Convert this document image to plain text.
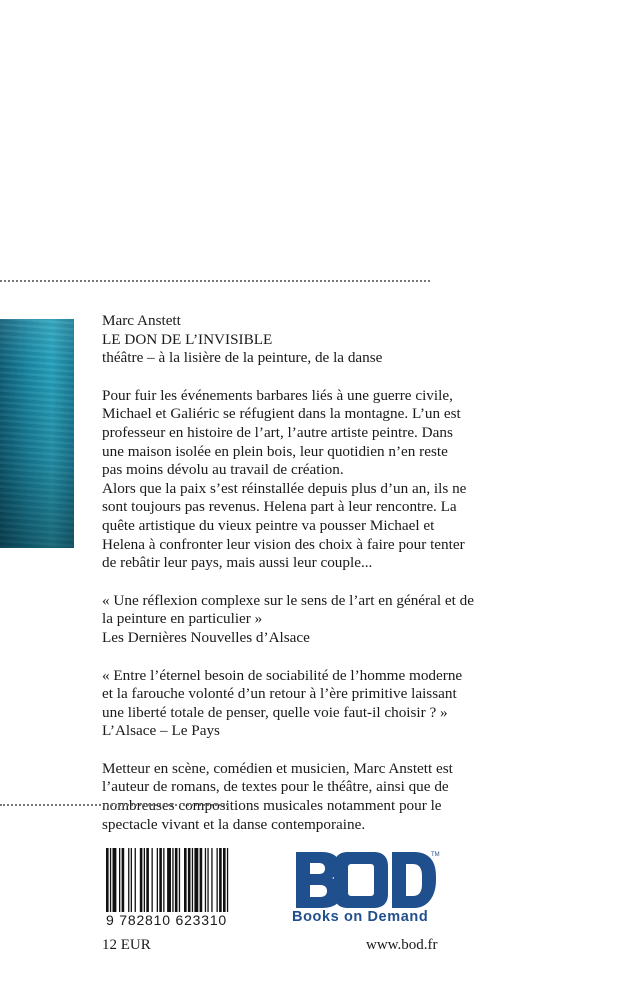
Marc Anstett

LE DON DE L’INVISIBLE

théâtre – à la lisière de la peinture, de la danse

Pour fuir les événements barbares liés à une guerre civile,

Michael et Galiéric se réfugient dans la montagne. L’un est

professeur en histoire de l’art, l’autre artiste peintre. Dans

une maison isolée en plein bois, leur quotidien n’en reste

pas moins dévolu au travail de création.

Alors que la paix s’est réinstallée depuis plus d’un an, ils ne

sont toujours pas revenus. Helena part à leur rencontre. La

quête artistique du vieux peintre va pousser Michael et

Helena à confronter leur vision des choix à faire pour tenter

de rebâtir leur pays, mais aussi leur couple...

« Une réflexion complexe sur le sens de l’art en général et de

la peinture en particulier »

Les Dernières Nouvelles d’Alsace

« Entre l’éternel besoin de sociabilité de l’homme moderne

et la farouche volonté d’un retour à l’ère primitive laissant

une liberté totale de penser, quelle voie faut-il choisir ? »

L’Alsace – Le Pays

Metteur en scène, comédien et musicien, Marc Anstett est

l’auteur de romans, de textes pour le théâtre, ainsi que de

nombreuses compositions musicales notamment pour le

spectacle vivant et la danse contemporaine.

9 782810 623310
12 EUR
TM
Books on Demand
www.bod.fr
